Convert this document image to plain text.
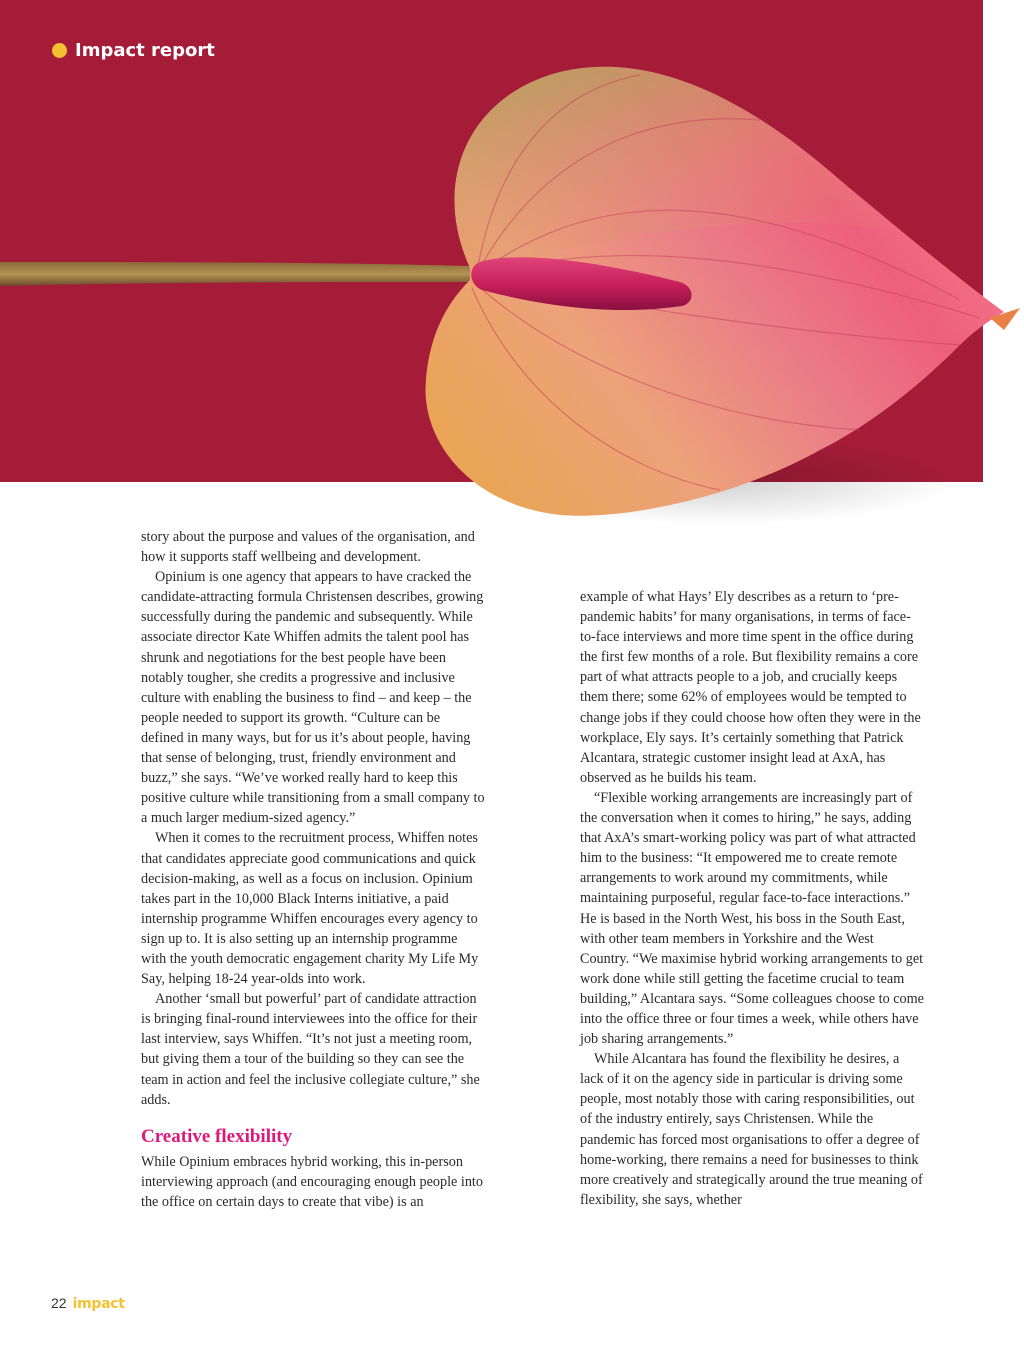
Impact report

story about the purpose and values of the organisation, and how it supports staff wellbeing and development.

Opinium is one agency that appears to have cracked the candidate-attracting formula Christensen describes, growing successfully during the pandemic and subsequently. While associate director Kate Whiffen admits the talent pool has shrunk and negotiations for the best people have been notably tougher, she credits a progressive and inclusive culture with enabling the business to find – and keep – the people needed to support its growth. “Culture can be defined in many ways, but for us it’s about people, having that sense of belonging, trust, friendly environment and buzz,” she says. “We’ve worked really hard to keep this positive culture while transitioning from a small company to a much larger medium-sized agency.”

When it comes to the recruitment process, Whiffen notes that candidates appreciate good communications and quick decision-making, as well as a focus on inclusion. Opinium takes part in the 10,000 Black Interns initiative, a paid internship programme Whiffen encourages every agency to sign up to. It is also setting up an internship programme with the youth democratic engagement charity My Life My Say, helping 18-24 year-olds into work.

Another ‘small but powerful’ part of candidate attraction is bringing final-round interviewees into the office for their last interview, says Whiffen. “It’s not just a meeting room, but giving them a tour of the building so they can see the team in action and feel the inclusive collegiate culture,” she adds.

Creative flexibility

While Opinium embraces hybrid working, this in-person interviewing approach (and encouraging enough people into the office on certain days to create that vibe) is an

example of what Hays’ Ely describes as a return to ‘pre-pandemic habits’ for many organisations, in terms of face-to-face interviews and more time spent in the office during the first few months of a role. But flexibility remains a core part of what attracts people to a job, and crucially keeps them there; some 62% of employees would be tempted to change jobs if they could choose how often they were in the workplace, Ely says. It’s certainly something that Patrick Alcantara, strategic customer insight lead at AxA, has observed as he builds his team.

“Flexible working arrangements are increasingly part of the conversation when it comes to hiring,” he says, adding that AxA’s smart-working policy was part of what attracted him to the business: “It empowered me to create remote arrangements to work around my commitments, while maintaining purposeful, regular face-to-face interactions.” He is based in the North West, his boss in the South East, with other team members in Yorkshire and the West Country. “We maximise hybrid working arrangements to get work done while still getting the facetime crucial to team building,” Alcantara says. “Some colleagues choose to come into the office three or four times a week, while others have job sharing arrangements.”

While Alcantara has found the flexibility he desires, a lack of it on the agency side in particular is driving some people, most notably those with caring responsibilities, out of the industry entirely, says Christensen. While the pandemic has forced most organisations to offer a degree of home-working, there remains a need for businesses to think more creatively and strategically around the true meaning of flexibility, she says, whether

22 impact
